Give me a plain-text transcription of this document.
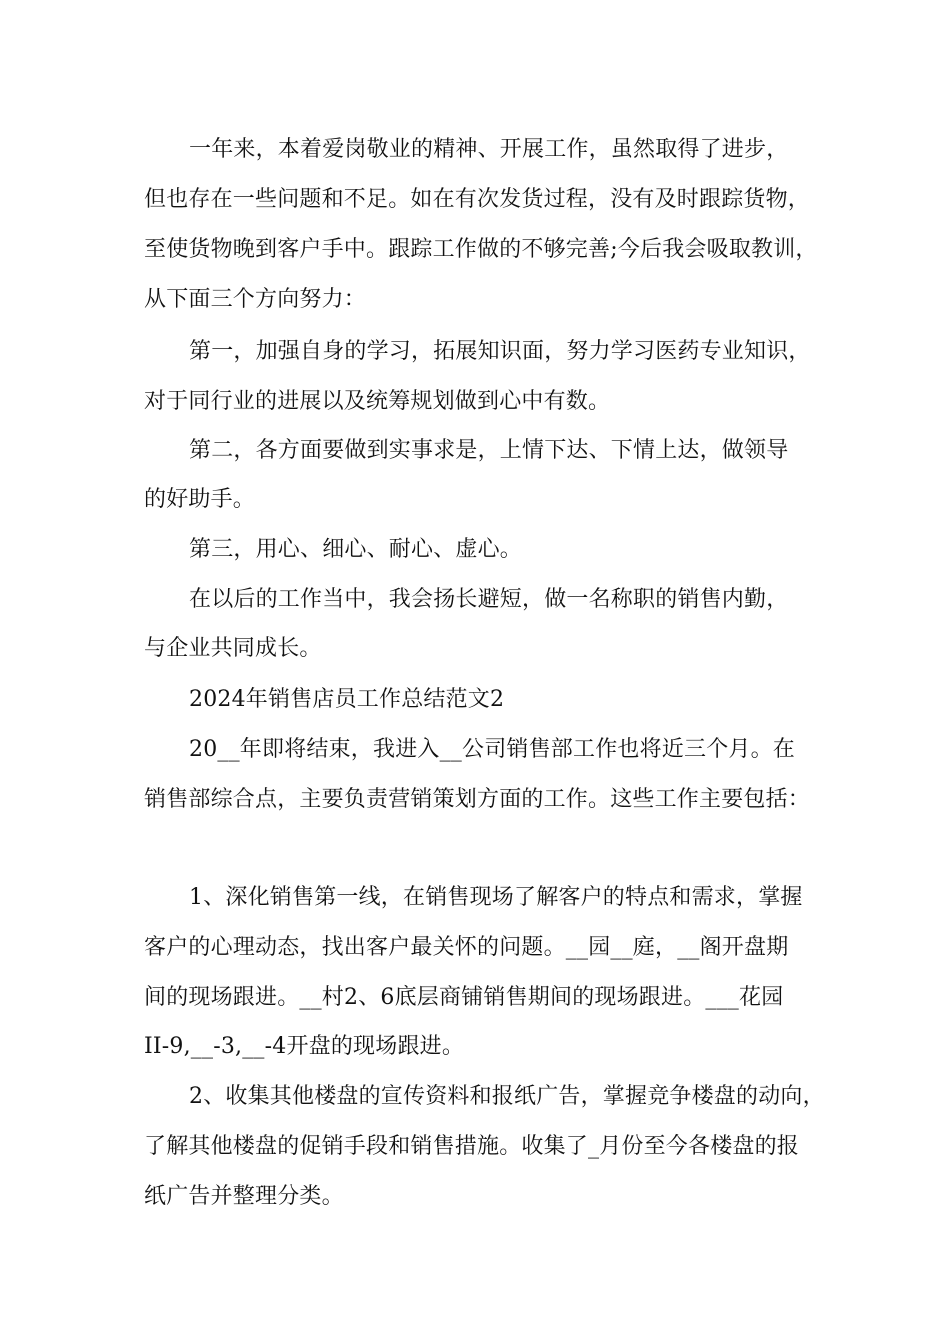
一年来，本着爱岗敬业的精神、开展工作，虽然取得了进步，
但也存在一些问题和不足。如在有次发货过程，没有及时跟踪货物，
至使货物晚到客户手中。跟踪工作做的不够完善;今后我会吸取教训，
从下面三个方向努力：
第一，加强自身的学习，拓展知识面，努力学习医药专业知识，
对于同行业的进展以及统筹规划做到心中有数。
第二，各方面要做到实事求是，上情下达、下情上达，做领导
的好助手。
第三，用心、细心、耐心、虚心。
在以后的工作当中，我会扬长避短，做一名称职的销售内勤，
与企业共同成长。
2024年销售店员工作总结范文2
20__年即将结束，我进入__公司销售部工作也将近三个月。在
销售部综合点，主要负责营销策划方面的工作。这些工作主要包括：
1、深化销售第一线，在销售现场了解客户的特点和需求，掌握
客户的心理动态，找出客户最关怀的问题。__园__庭，__阁开盘期
间的现场跟进。__村2、6底层商铺销售期间的现场跟进。___花园
II-9,__-3,__-4开盘的现场跟进。
2、收集其他楼盘的宣传资料和报纸广告，掌握竞争楼盘的动向，
了解其他楼盘的促销手段和销售措施。收集了_月份至今各楼盘的报
纸广告并整理分类。
